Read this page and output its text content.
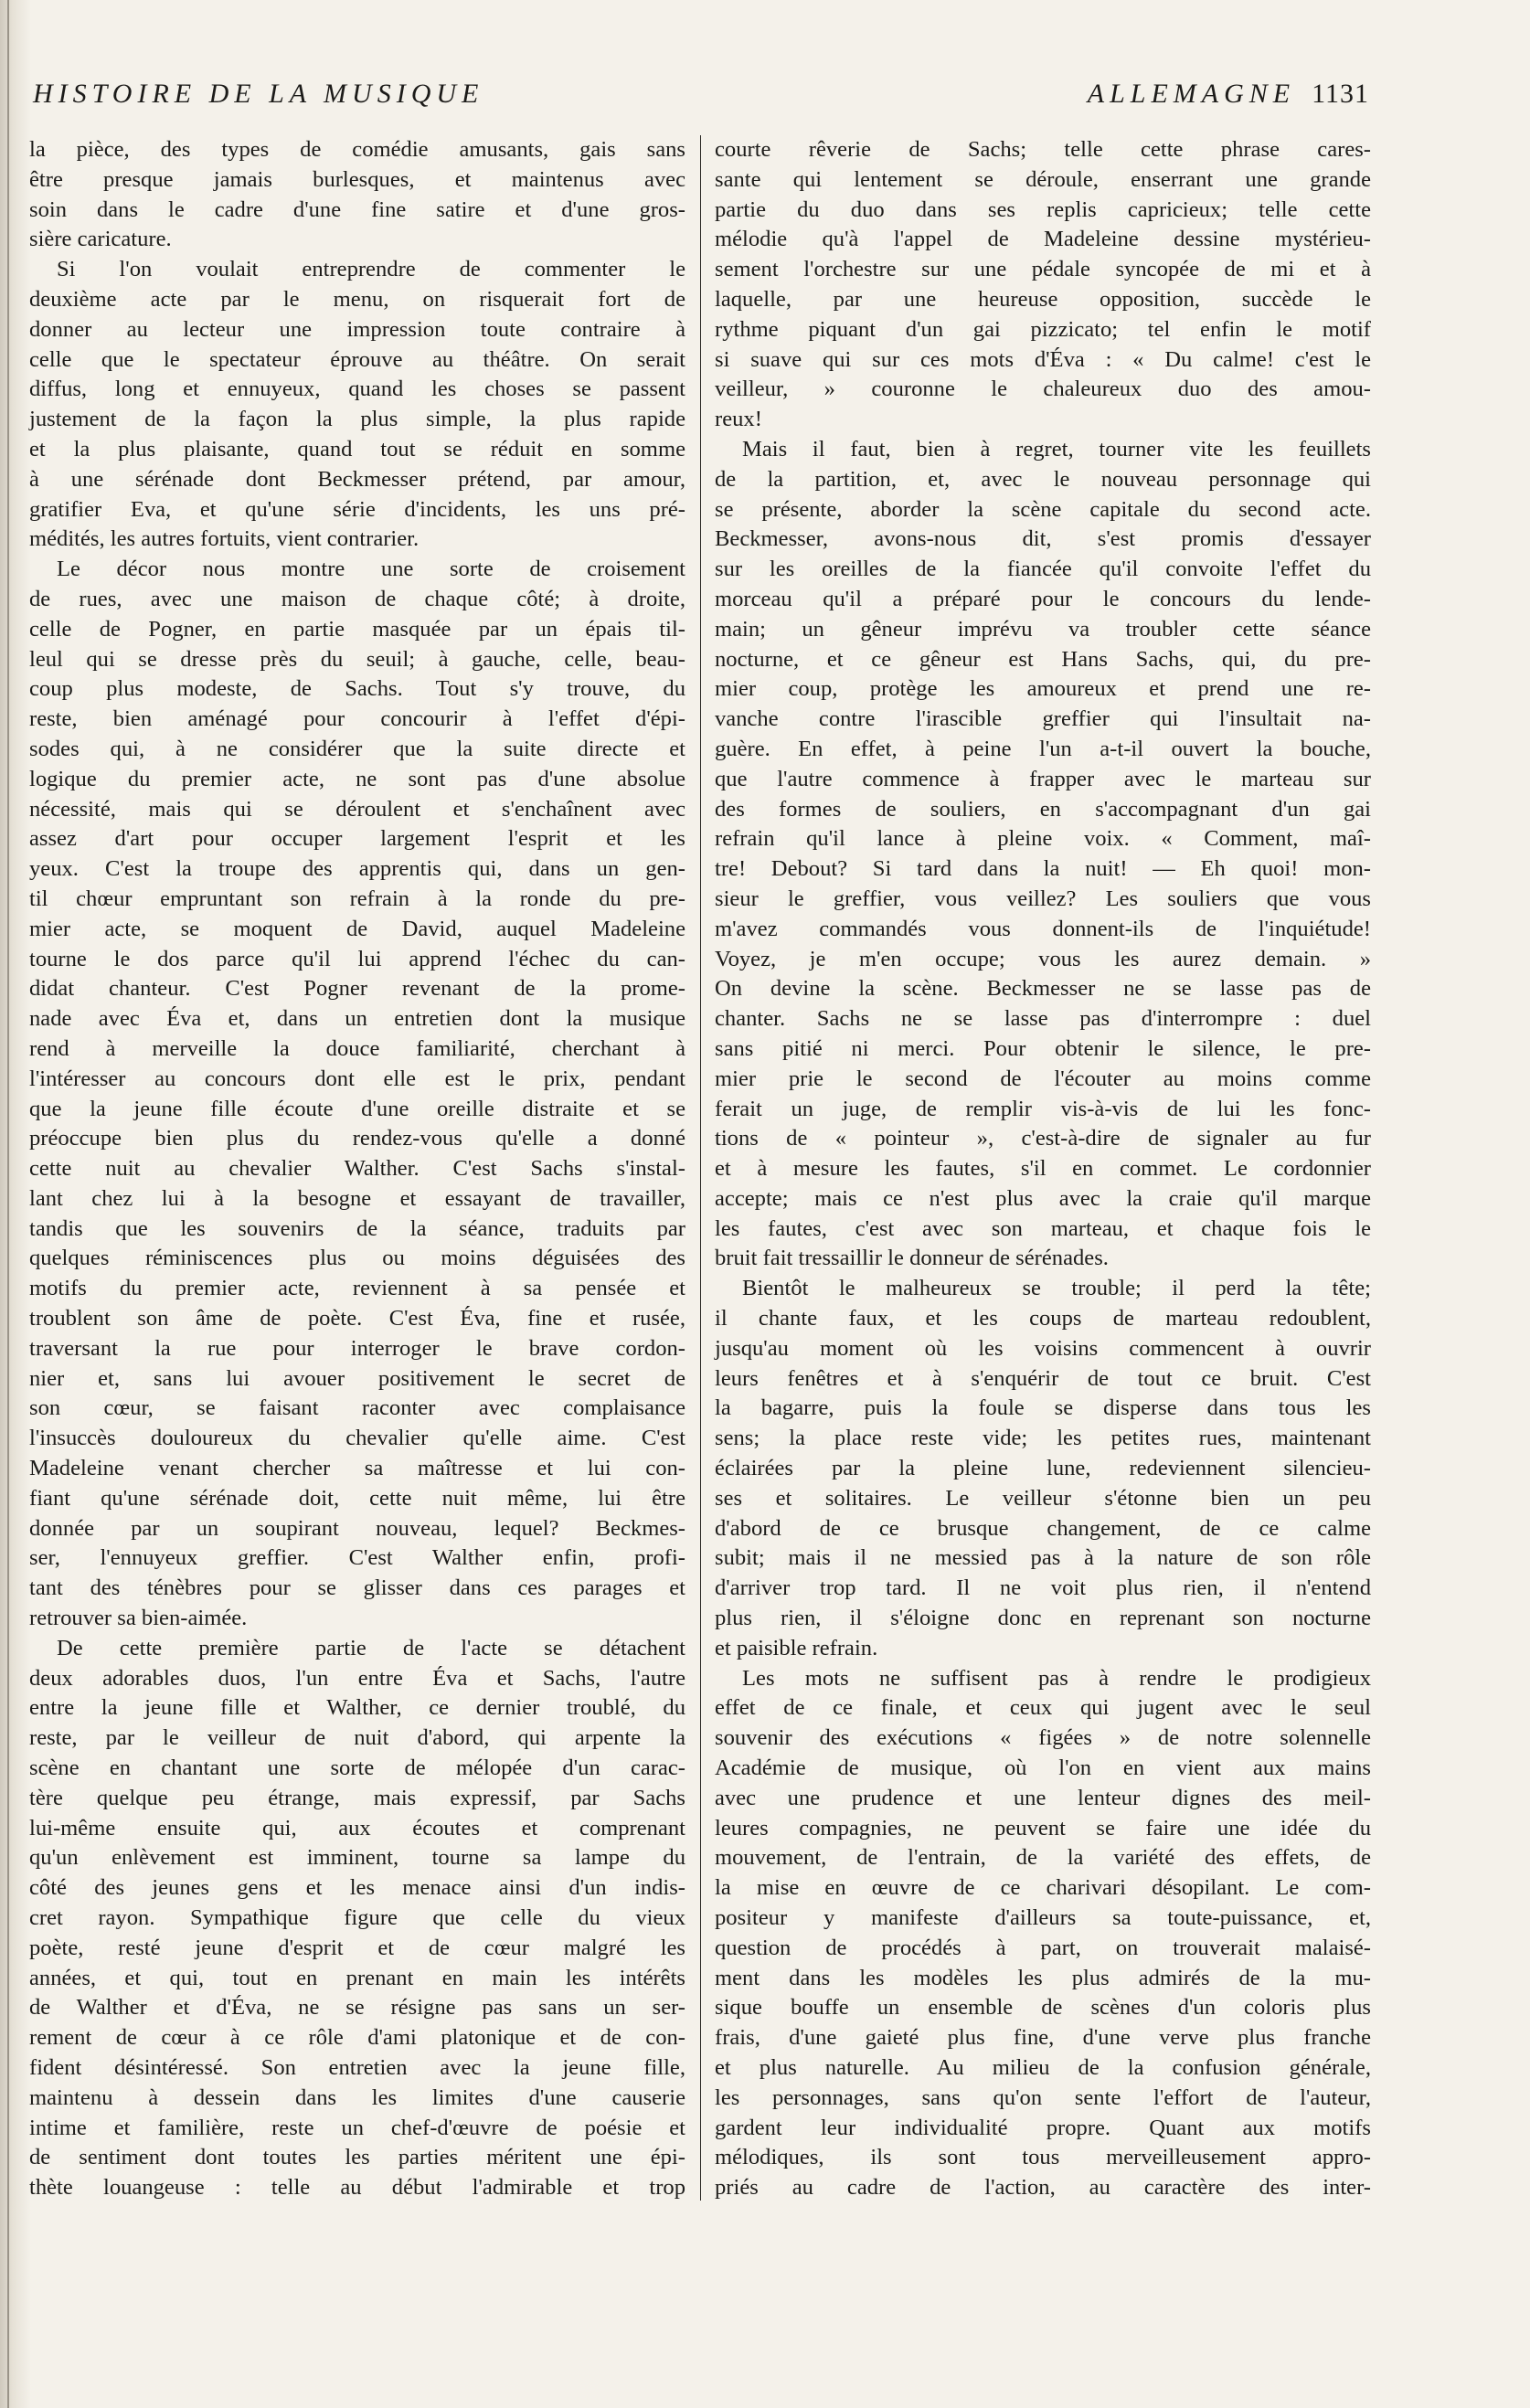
HISTOIRE DE LA MUSIQUE	ALLEMAGNE 1131
la pièce, des types de comédie amusants, gais sans
être presque jamais burlesques, et maintenus avec
soin dans le cadre d'une fine satire et d'une gros-
sière caricature.
Si l'on voulait entreprendre de commenter le
deuxième acte par le menu, on risquerait fort de
donner au lecteur une impression toute contraire à
celle que le spectateur éprouve au théâtre. On serait
diffus, long et ennuyeux, quand les choses se passent
justement de la façon la plus simple, la plus rapide
et la plus plaisante, quand tout se réduit en somme
à une sérénade dont Beckmesser prétend, par amour,
gratifier Eva, et qu'une série d'incidents, les uns pré-
médités, les autres fortuits, vient contrarier.
Le décor nous montre une sorte de croisement
de rues, avec une maison de chaque côté; à droite,
celle de Pogner, en partie masquée par un épais til-
leul qui se dresse près du seuil; à gauche, celle, beau-
coup plus modeste, de Sachs. Tout s'y trouve, du
reste, bien aménagé pour concourir à l'effet d'épi-
sodes qui, à ne considérer que la suite directe et
logique du premier acte, ne sont pas d'une absolue
nécessité, mais qui se déroulent et s'enchaînent avec
assez d'art pour occuper largement l'esprit et les
yeux. C'est la troupe des apprentis qui, dans un gen-
til chœur empruntant son refrain à la ronde du pre-
mier acte, se moquent de David, auquel Madeleine
tourne le dos parce qu'il lui apprend l'échec du can-
didat chanteur. C'est Pogner revenant de la prome-
nade avec Éva et, dans un entretien dont la musique
rend à merveille la douce familiarité, cherchant à
l'intéresser au concours dont elle est le prix, pendant
que la jeune fille écoute d'une oreille distraite et se
préoccupe bien plus du rendez-vous qu'elle a donné
cette nuit au chevalier Walther. C'est Sachs s'instal-
lant chez lui à la besogne et essayant de travailler,
tandis que les souvenirs de la séance, traduits par
quelques réminiscences plus ou moins déguisées des
motifs du premier acte, reviennent à sa pensée et
troublent son âme de poète. C'est Éva, fine et rusée,
traversant la rue pour interroger le brave cordon-
nier et, sans lui avouer positivement le secret de
son cœur, se faisant raconter avec complaisance
l'insuccès douloureux du chevalier qu'elle aime. C'est
Madeleine venant chercher sa maîtresse et lui con-
fiant qu'une sérénade doit, cette nuit même, lui être
donnée par un soupirant nouveau, lequel? Beckmes-
ser, l'ennuyeux greffier. C'est Walther enfin, profi-
tant des ténèbres pour se glisser dans ces parages et
retrouver sa bien-aimée.
De cette première partie de l'acte se détachent
deux adorables duos, l'un entre Éva et Sachs, l'autre
entre la jeune fille et Walther, ce dernier troublé, du
reste, par le veilleur de nuit d'abord, qui arpente la
scène en chantant une sorte de mélopée d'un carac-
tère quelque peu étrange, mais expressif, par Sachs
lui-même ensuite qui, aux écoutes et comprenant
qu'un enlèvement est imminent, tourne sa lampe du
côté des jeunes gens et les menace ainsi d'un indis-
cret rayon. Sympathique figure que celle du vieux
poète, resté jeune d'esprit et de cœur malgré les
années, et qui, tout en prenant en main les intérêts
de Walther et d'Éva, ne se résigne pas sans un ser-
rement de cœur à ce rôle d'ami platonique et de con-
fident désintéressé. Son entretien avec la jeune fille,
maintenu à dessein dans les limites d'une causerie
intime et familière, reste un chef-d'œuvre de poésie et
de sentiment dont toutes les parties méritent une épi-
thète louangeuse : telle au début l'admirable et trop
courte rêverie de Sachs; telle cette phrase cares-
sante qui lentement se déroule, enserrant une grande
partie du duo dans ses replis capricieux; telle cette
mélodie qu'à l'appel de Madeleine dessine mystérieu-
sement l'orchestre sur une pédale syncopée de mi et à
laquelle, par une heureuse opposition, succède le
rythme piquant d'un gai pizzicato; tel enfin le motif
si suave qui sur ces mots d'Éva : « Du calme! c'est le
veilleur, » couronne le chaleureux duo des amou-
reux!
Mais il faut, bien à regret, tourner vite les feuillets
de la partition, et, avec le nouveau personnage qui
se présente, aborder la scène capitale du second acte.
Beckmesser, avons-nous dit, s'est promis d'essayer
sur les oreilles de la fiancée qu'il convoite l'effet du
morceau qu'il a préparé pour le concours du lende-
main; un gêneur imprévu va troubler cette séance
nocturne, et ce gêneur est Hans Sachs, qui, du pre-
mier coup, protège les amoureux et prend une re-
vanche contre l'irascible greffier qui l'insultait na-
guère. En effet, à peine l'un a-t-il ouvert la bouche,
que l'autre commence à frapper avec le marteau sur
des formes de souliers, en s'accompagnant d'un gai
refrain qu'il lance à pleine voix. « Comment, maî-
tre! Debout? Si tard dans la nuit! — Eh quoi! mon-
sieur le greffier, vous veillez? Les souliers que vous
m'avez commandés vous donnent-ils de l'inquiétude!
Voyez, je m'en occupe; vous les aurez demain. »
On devine la scène. Beckmesser ne se lasse pas de
chanter. Sachs ne se lasse pas d'interrompre : duel
sans pitié ni merci. Pour obtenir le silence, le pre-
mier prie le second de l'écouter au moins comme
ferait un juge, de remplir vis-à-vis de lui les fonc-
tions de « pointeur », c'est-à-dire de signaler au fur
et à mesure les fautes, s'il en commet. Le cordonnier
accepte; mais ce n'est plus avec la craie qu'il marque
les fautes, c'est avec son marteau, et chaque fois le
bruit fait tressaillir le donneur de sérénades.
Bientôt le malheureux se trouble; il perd la tête;
il chante faux, et les coups de marteau redoublent,
jusqu'au moment où les voisins commencent à ouvrir
leurs fenêtres et à s'enquérir de tout ce bruit. C'est
la bagarre, puis la foule se disperse dans tous les
sens; la place reste vide; les petites rues, maintenant
éclairées par la pleine lune, redeviennent silencieu-
ses et solitaires. Le veilleur s'étonne bien un peu
d'abord de ce brusque changement, de ce calme
subit; mais il ne messied pas à la nature de son rôle
d'arriver trop tard. Il ne voit plus rien, il n'entend
plus rien, il s'éloigne donc en reprenant son nocturne
et paisible refrain.
Les mots ne suffisent pas à rendre le prodigieux
effet de ce finale, et ceux qui jugent avec le seul
souvenir des exécutions « figées » de notre solennelle
Académie de musique, où l'on en vient aux mains
avec une prudence et une lenteur dignes des meil-
leures compagnies, ne peuvent se faire une idée du
mouvement, de l'entrain, de la variété des effets, de
la mise en œuvre de ce charivari désopilant. Le com-
positeur y manifeste d'ailleurs sa toute-puissance, et,
question de procédés à part, on trouverait malaisé-
ment dans les modèles les plus admirés de la mu-
sique bouffe un ensemble de scènes d'un coloris plus
frais, d'une gaieté plus fine, d'une verve plus franche
et plus naturelle. Au milieu de la confusion générale,
les personnages, sans qu'on sente l'effort de l'auteur,
gardent leur individualité propre. Quant aux motifs
mélodiques, ils sont tous merveilleusement appro-
priés au cadre de l'action, au caractère des inter-
